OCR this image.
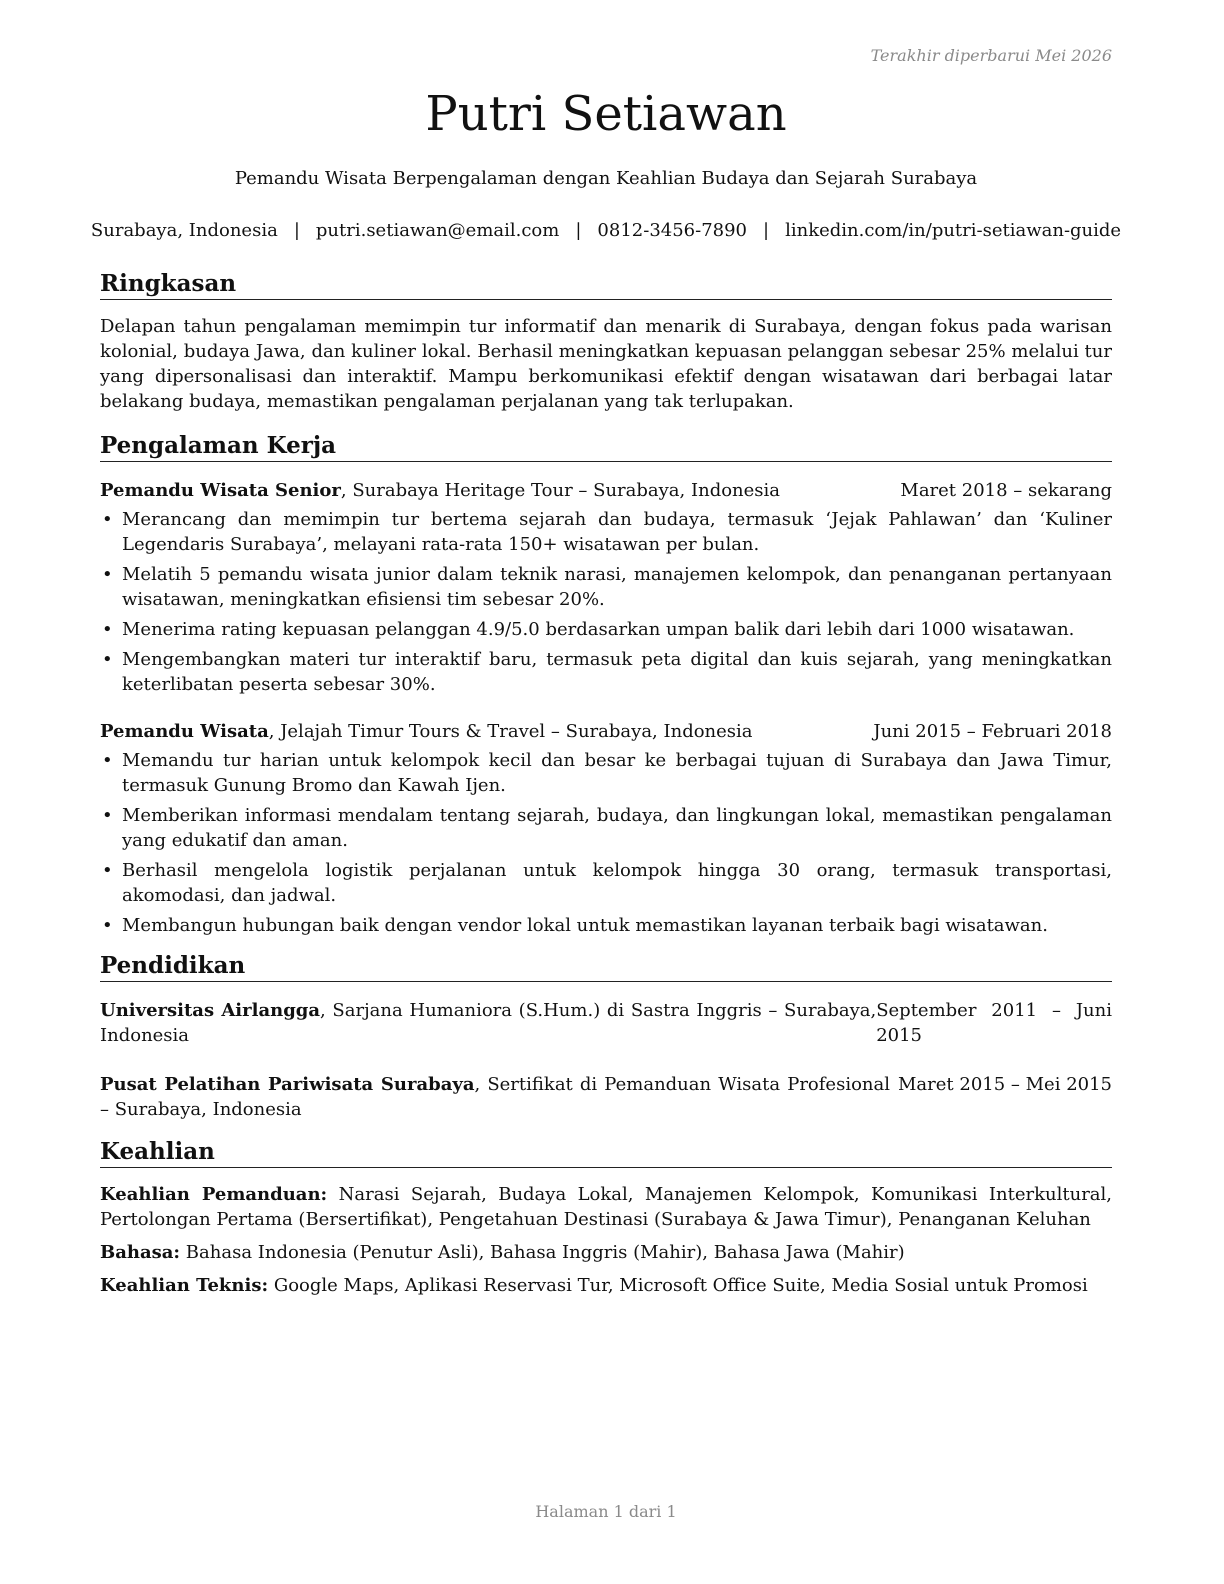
Terakhir diperbarui Mei 2026
Putri Setiawan
Pemandu Wisata Berpengalaman dengan Keahlian Budaya dan Sejarah Surabaya
Surabaya, Indonesia | putri.setiawan@email.com | 0812-3456-7890 | linkedin.com/in/putri-setiawan-guide
Ringkasan
Delapan tahun pengalaman memimpin tur informatif dan menarik di Surabaya, dengan fokus pada warisan kolonial, budaya Jawa, dan kuliner lokal. Berhasil meningkatkan kepuasan pelanggan sebesar 25% melalui tur yang dipersonalisasi dan interaktif. Mampu berkomunikasi efektif dengan wisatawan dari berbagai latar belakang budaya, memastikan pengalaman perjalanan yang tak terlupakan.
Pengalaman Kerja
Pemandu Wisata Senior, Surabaya Heritage Tour – Surabaya, Indonesia	Maret 2018 – sekarang
• Merancang dan memimpin tur bertema sejarah dan budaya, termasuk ‘Jejak Pahlawan’ dan ‘Kuliner Legendaris Surabaya’, melayani rata-rata 150+ wisatawan per bulan.
• Melatih 5 pemandu wisata junior dalam teknik narasi, manajemen kelompok, dan penanganan pertanyaan wisatawan, meningkatkan efisiensi tim sebesar 20%.
• Menerima rating kepuasan pelanggan 4.9/5.0 berdasarkan umpan balik dari lebih dari 1000 wisatawan.
• Mengembangkan materi tur interaktif baru, termasuk peta digital dan kuis sejarah, yang meningkatkan keterlibatan peserta sebesar 30%.
Pemandu Wisata, Jelajah Timur Tours & Travel – Surabaya, Indonesia	Juni 2015 – Februari 2018
• Memandu tur harian untuk kelompok kecil dan besar ke berbagai tujuan di Surabaya dan Jawa Timur, termasuk Gunung Bromo dan Kawah Ijen.
• Memberikan informasi mendalam tentang sejarah, budaya, dan lingkungan lokal, memastikan pengalaman yang edukatif dan aman.
• Berhasil mengelola logistik perjalanan untuk kelompok hingga 30 orang, termasuk transportasi, akomodasi, dan jadwal.
• Membangun hubungan baik dengan vendor lokal untuk memastikan layanan terbaik bagi wisatawan.
Pendidikan
Universitas Airlangga, Sarjana Humaniora (S.Hum.) di Sastra Inggris – Surabaya, Indonesia
September 2011 – Juni 2015
Pusat Pelatihan Pariwisata Surabaya, Sertifikat di Pemanduan Wisata Profesional – Surabaya, Indonesia
Maret 2015 – Mei 2015
Keahlian
Keahlian Pemanduan: Narasi Sejarah, Budaya Lokal, Manajemen Kelompok, Komunikasi Interkultural, Pertolongan Pertama (Bersertifikat), Pengetahuan Destinasi (Surabaya & Jawa Timur), Penanganan Keluhan
Bahasa: Bahasa Indonesia (Penutur Asli), Bahasa Inggris (Mahir), Bahasa Jawa (Mahir)
Keahlian Teknis: Google Maps, Aplikasi Reservasi Tur, Microsoft Office Suite, Media Sosial untuk Promosi
Halaman 1 dari 1
